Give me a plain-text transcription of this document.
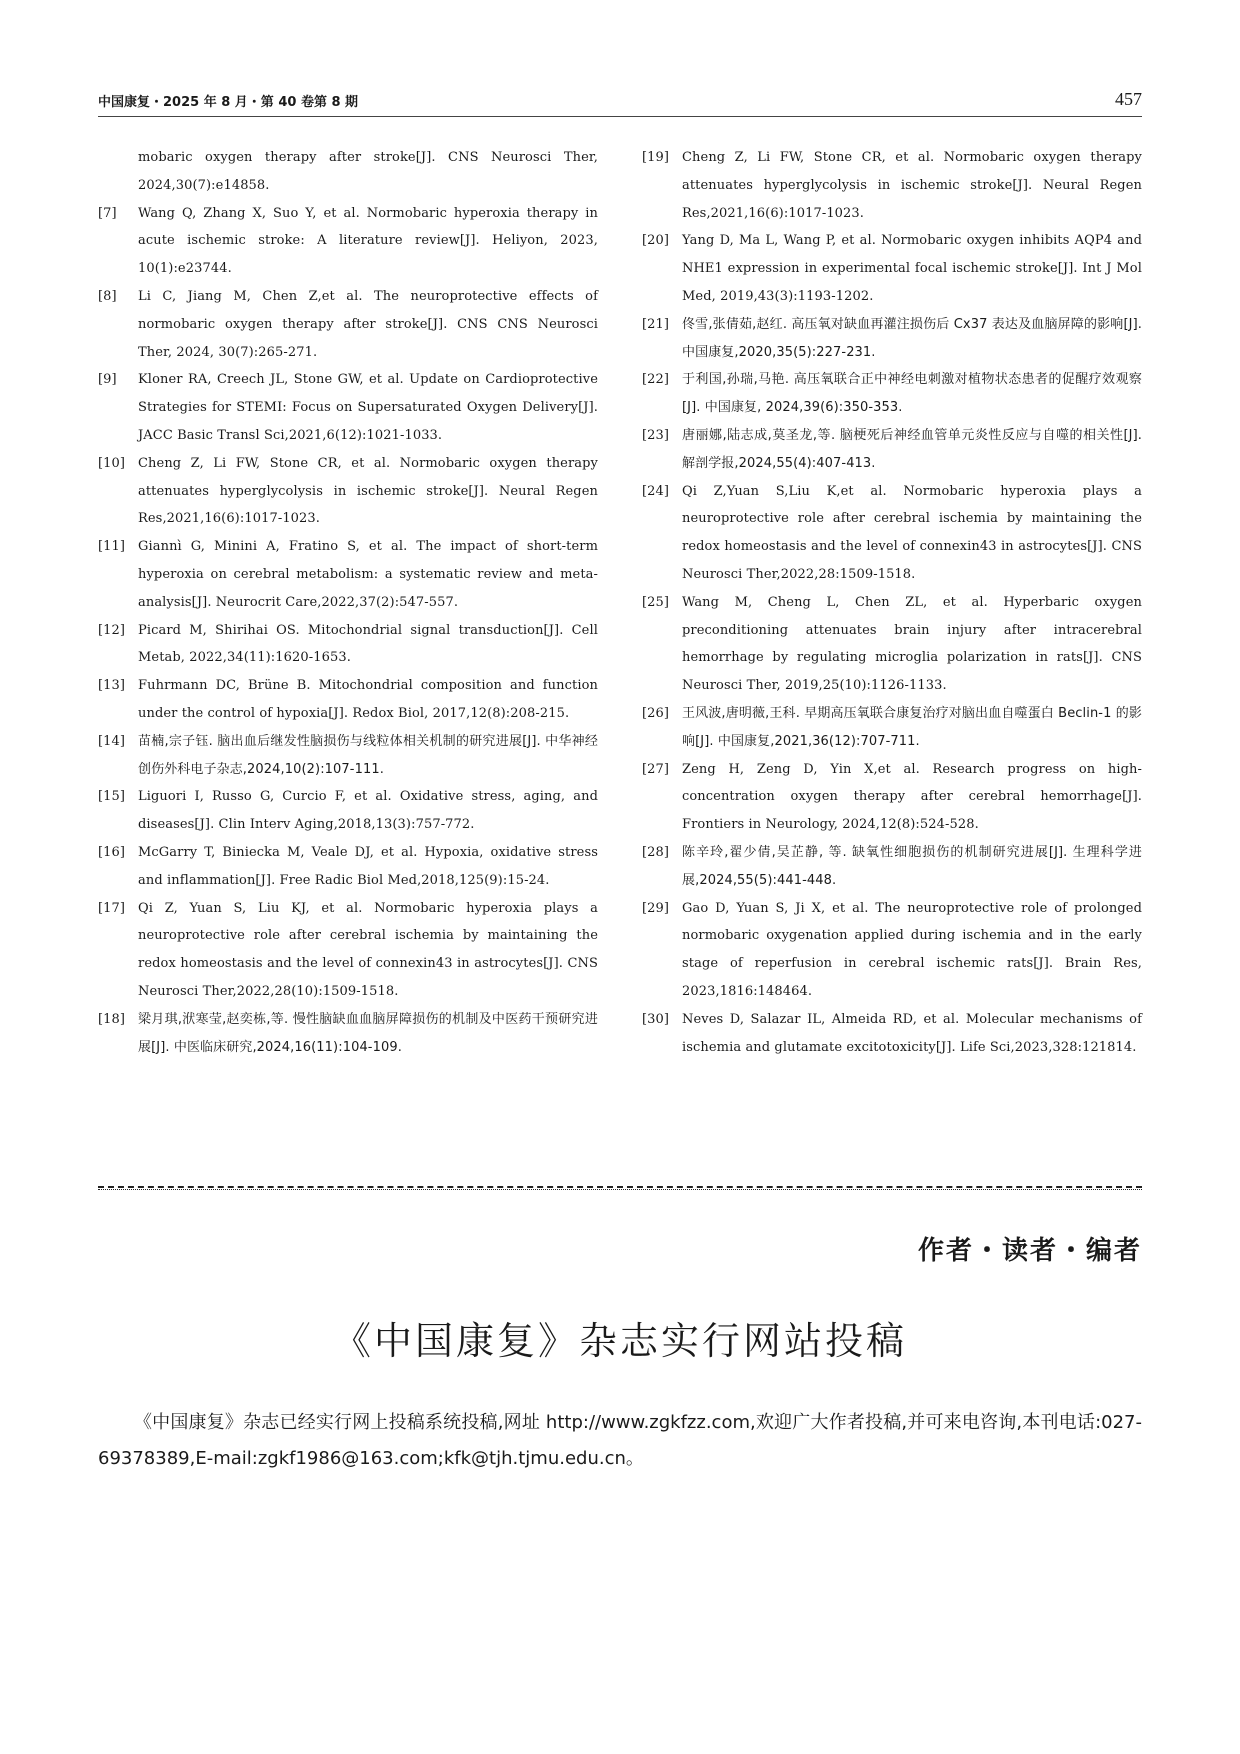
中国康复・2025 年 8 月・第 40 卷第 8 期	457
mobaric oxygen therapy after stroke[J]. CNS Neurosci Ther, 2024,30(7):e14858.
[7]	Wang Q, Zhang X, Suo Y, et al. Normobaric hyperoxia therapy in acute ischemic stroke: A literature review[J]. Heliyon, 2023, 10(1):e23744.
[8]	Li C, Jiang M, Chen Z,et al. The neuroprotective effects of normobaric oxygen therapy after stroke[J]. CNS CNS Neurosci Ther, 2024, 30(7):265-271.
[9]	Kloner RA, Creech JL, Stone GW, et al. Update on Cardioprotective Strategies for STEMI: Focus on Supersaturated Oxygen Delivery[J]. JACC Basic Transl Sci,2021,6(12):1021-1033.
[10] Cheng Z, Li FW, Stone CR, et al. Normobaric oxygen therapy attenuates hyperglycolysis in ischemic stroke[J]. Neural Regen Res,2021,16(6):1017-1023.
[11] Giannì G, Minini A, Fratino S, et al. The impact of short-term hyperoxia on cerebral metabolism: a systematic review and meta-analysis[J]. Neurocrit Care,2022,37(2):547-557.
[12] Picard M, Shirihai OS. Mitochondrial signal transduction[J]. Cell Metab, 2022,34(11):1620-1653.
[13] Fuhrmann DC, Brüne B. Mitochondrial composition and function under the control of hypoxia[J]. Redox Biol, 2017,12(8):208-215.
[14] 苗楠,宗子钰. 脑出血后继发性脑损伤与线粒体相关机制的研究进展[J]. 中华神经创伤外科电子杂志,2024,10(2):107-111.
[15] Liguori I, Russo G, Curcio F, et al. Oxidative stress, aging, and diseases[J]. Clin Interv Aging,2018,13(3):757-772.
[16] McGarry T, Biniecka M, Veale DJ, et al. Hypoxia, oxidative stress and inflammation[J]. Free Radic Biol Med,2018,125(9):15-24.
[17] Qi Z, Yuan S, Liu KJ, et al. Normobaric hyperoxia plays a neuroprotective role after cerebral ischemia by maintaining the redox homeostasis and the level of connexin43 in astrocytes[J]. CNS Neurosci Ther,2022,28(10):1509-1518.
[18] 梁月琪,洑寒莹,赵奕栋,等. 慢性脑缺血血脑屏障损伤的机制及中医药干预研究进展[J]. 中医临床研究,2024,16(11):104-109.
[19] Cheng Z, Li FW, Stone CR, et al. Normobaric oxygen therapy attenuates hyperglycolysis in ischemic stroke[J]. Neural Regen Res,2021,16(6):1017-1023.
[20] Yang D, Ma L, Wang P, et al. Normobaric oxygen inhibits AQP4 and NHE1 expression in experimental focal ischemic stroke[J]. Int J Mol Med, 2019,43(3):1193-1202.
[21] 佟雪,张倩茹,赵红. 高压氧对缺血再灌注损伤后 Cx37 表达及血脑屏障的影响[J]. 中国康复,2020,35(5):227-231.
[22] 于利国,孙瑞,马艳. 高压氧联合正中神经电刺激对植物状态患者的促醒疗效观察[J]. 中国康复, 2024,39(6):350-353.
[23] 唐丽娜,陆志成,莫圣龙,等. 脑梗死后神经血管单元炎性反应与自噬的相关性[J]. 解剖学报,2024,55(4):407-413.
[24] Qi Z,Yuan S,Liu K,et al. Normobaric hyperoxia plays a neuroprotective role after cerebral ischemia by maintaining the redox homeostasis and the level of connexin43 in astrocytes[J]. CNS Neurosci Ther,2022,28:1509-1518.
[25] Wang M, Cheng L, Chen ZL, et al. Hyperbaric oxygen preconditioning attenuates brain injury after intracerebral hemorrhage by regulating microglia polarization in rats[J]. CNS Neurosci Ther, 2019,25(10):1126-1133.
[26] 王风波,唐明薇,王科. 早期高压氧联合康复治疗对脑出血自噬蛋白 Beclin-1 的影响[J]. 中国康复,2021,36(12):707-711.
[27] Zeng H, Zeng D, Yin X,et al. Research progress on high-concentration oxygen therapy after cerebral hemorrhage[J]. Frontiers in Neurology, 2024,12(8):524-528.
[28] 陈辛玲,翟少倩,吴芷静, 等. 缺氧性细胞损伤的机制研究进展[J]. 生理科学进展,2024,55(5):441-448.
[29] Gao D, Yuan S, Ji X, et al. The neuroprotective role of prolonged normobaric oxygenation applied during ischemia and in the early stage of reperfusion in cerebral ischemic rats[J]. Brain Res, 2023,1816:148464.
[30] Neves D, Salazar IL, Almeida RD, et al. Molecular mechanisms of ischemia and glutamate excitotoxicity[J]. Life Sci,2023,328:121814.
作者・读者・编者
《中国康复》杂志实行网站投稿
《中国康复》杂志已经实行网上投稿系统投稿,网址 http://www.zgkfzz.com,欢迎广大作者投稿,并可来电咨询,本刊电话:027-69378389,E-mail:zgkf1986@163.com;kfk@tjh.tjmu.edu.cn。
